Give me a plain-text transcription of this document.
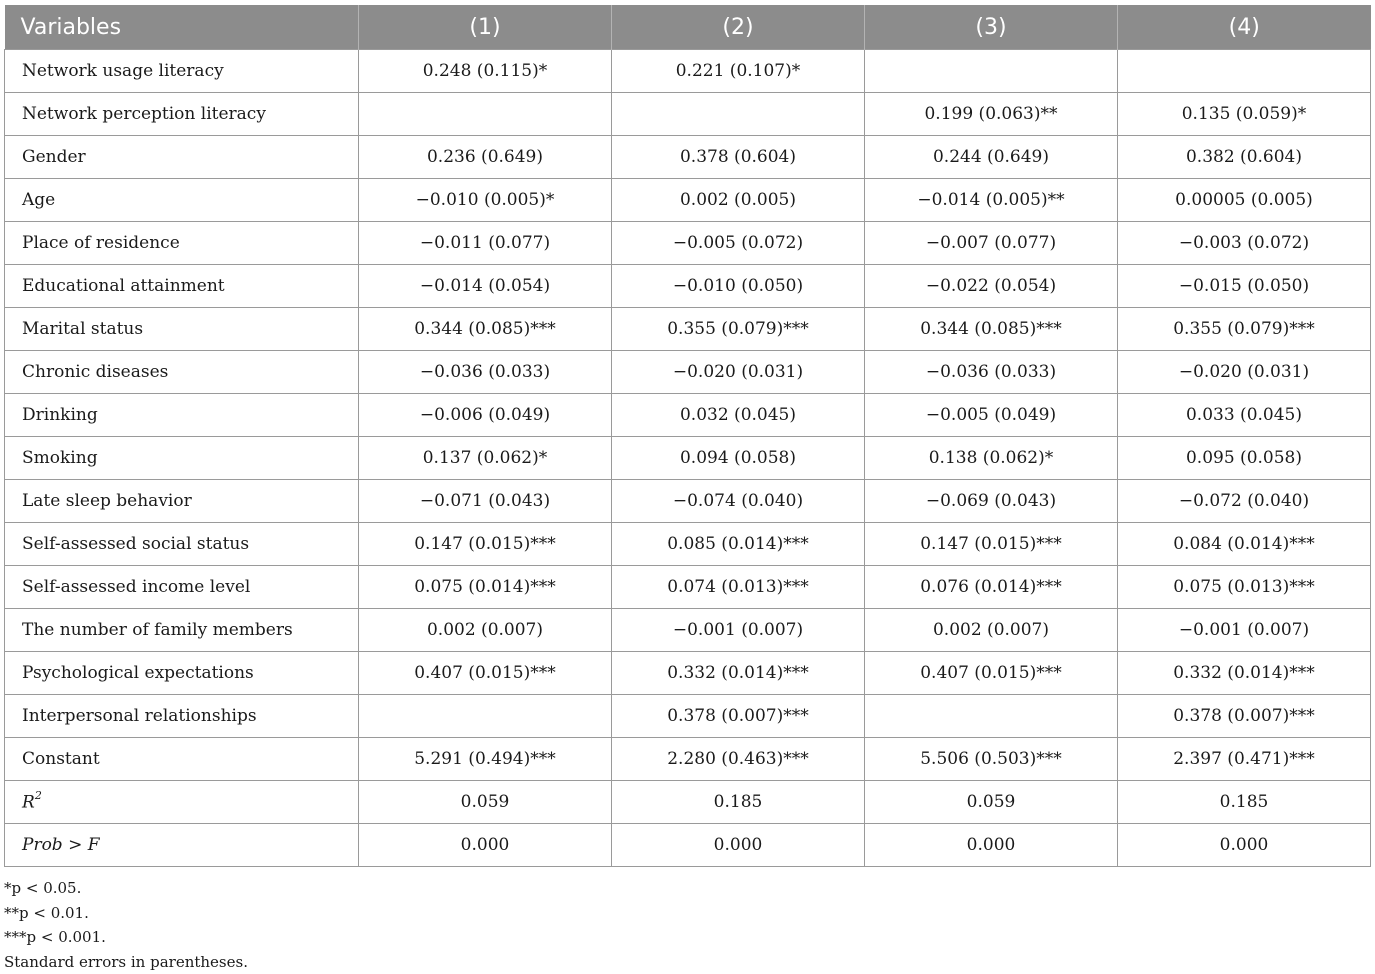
Variables	(1)	(2)	(3)	(4)
Network usage literacy	0.248 (0.115)*	0.221 (0.107)*		
Network perception literacy			0.199 (0.063)**	0.135 (0.059)*
Gender	0.236 (0.649)	0.378 (0.604)	0.244 (0.649)	0.382 (0.604)
Age	−0.010 (0.005)*	0.002 (0.005)	−0.014 (0.005)**	0.00005 (0.005)
Place of residence	−0.011 (0.077)	−0.005 (0.072)	−0.007 (0.077)	−0.003 (0.072)
Educational attainment	−0.014 (0.054)	−0.010 (0.050)	−0.022 (0.054)	−0.015 (0.050)
Marital status	0.344 (0.085)***	0.355 (0.079)***	0.344 (0.085)***	0.355 (0.079)***
Chronic diseases	−0.036 (0.033)	−0.020 (0.031)	−0.036 (0.033)	−0.020 (0.031)
Drinking	−0.006 (0.049)	0.032 (0.045)	−0.005 (0.049)	0.033 (0.045)
Smoking	0.137 (0.062)*	0.094 (0.058)	0.138 (0.062)*	0.095 (0.058)
Late sleep behavior	−0.071 (0.043)	−0.074 (0.040)	−0.069 (0.043)	−0.072 (0.040)
Self-assessed social status	0.147 (0.015)***	0.085 (0.014)***	0.147 (0.015)***	0.084 (0.014)***
Self-assessed income level	0.075 (0.014)***	0.074 (0.013)***	0.076 (0.014)***	0.075 (0.013)***
The number of family members	0.002 (0.007)	−0.001 (0.007)	0.002 (0.007)	−0.001 (0.007)
Psychological expectations	0.407 (0.015)***	0.332 (0.014)***	0.407 (0.015)***	0.332 (0.014)***
Interpersonal relationships		0.378 (0.007)***		0.378 (0.007)***
Constant	5.291 (0.494)***	2.280 (0.463)***	5.506 (0.503)***	2.397 (0.471)***
$R^2$	0.059	0.185	0.059	0.185
Prob > F	0.000	0.000	0.000	0.000
*p < 0.05.
**p < 0.01.
***p < 0.001.
Standard errors in parentheses.
